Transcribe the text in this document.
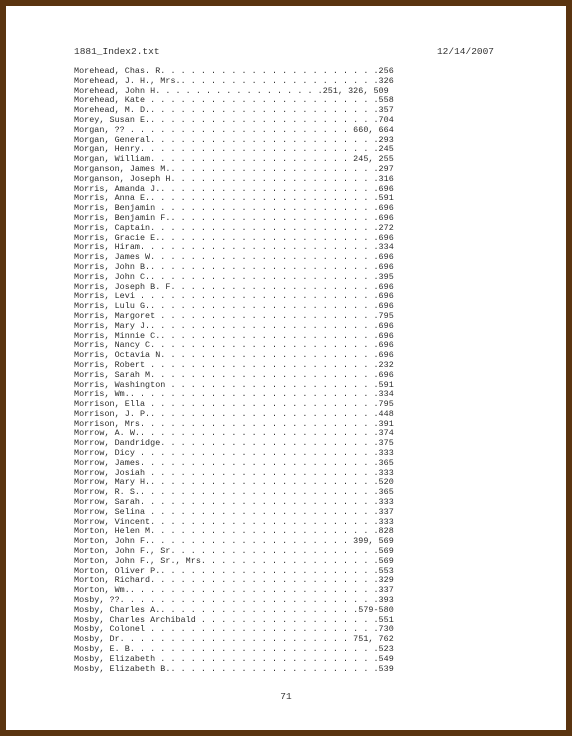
1881_Index2.txt	12/14/2007
Morehead, Chas. R. . . . . . . . . . . . . . . . . . . . . .256
Morehead, J. H., Mrs.. . . . . . . . . . . . . . . . . . . .326
Morehead, John H. . . . . . . . . . . . . . . . .251, 326, 509
Morehead, Kate . . . . . . . . . . . . . . . . . . . . . . .558
Morehead, M. D.. . . . . . . . . . . . . . . . . . . . . . .357
Morey, Susan E.. . . . . . . . . . . . . . . . . . . . . . .704
Morgan, ?? . . . . . . . . . . . . . . . . . . . . . . 660, 664
Morgan, General. . . . . . . . . . . . . . . . . . . . . . .293
Morgan, Henry. . . . . . . . . . . . . . . . . . . . . . . .245
Morgan, William. . . . . . . . . . . . . . . . . . . . 245, 255
Morganson, James M.. . . . . . . . . . . . . . . . . . . . .297
Morganson, Joseph H. . . . . . . . . . . . . . . . . . . . .316
Morris, Amanda J.. . . . . . . . . . . . . . . . . . . . . .696
Morris, Anna E.. . . . . . . . . . . . . . . . . . . . . . .591
Morris, Benjamin . . . . . . . . . . . . . . . . . . . . . .696
Morris, Benjamin F.. . . . . . . . . . . . . . . . . . . . .696
Morris, Captain. . . . . . . . . . . . . . . . . . . . . . .272
Morris, Gracie E.. . . . . . . . . . . . . . . . . . . . . .696
Morris, Hiram. . . . . . . . . . . . . . . . . . . . . . . .334
Morris, James W. . . . . . . . . . . . . . . . . . . . . . .696
Morris, John B.. . . . . . . . . . . . . . . . . . . . . . .696
Morris, John C.. . . . . . . . . . . . . . . . . . . . . . .395
Morris, Joseph B. F. . . . . . . . . . . . . . . . . . . . .696
Morris, Levi . . . . . . . . . . . . . . . . . . . . . . . .696
Morris, Lulu G.. . . . . . . . . . . . . . . . . . . . . . .696
Morris, Margoret . . . . . . . . . . . . . . . . . . . . . .795
Morris, Mary J.. . . . . . . . . . . . . . . . . . . . . . .696
Morris, Minnie C.. . . . . . . . . . . . . . . . . . . . . .696
Morris, Nancy C. . . . . . . . . . . . . . . . . . . . . . .696
Morris, Octavia N. . . . . . . . . . . . . . . . . . . . . .696
Morris, Robert . . . . . . . . . . . . . . . . . . . . . . .232
Morris, Sarah M. . . . . . . . . . . . . . . . . . . . . . .696
Morris, Washington . . . . . . . . . . . . . . . . . . . . .591
Morris, Wm.. . . . . . . . . . . . . . . . . . . . . . . . .334
Morrison, Ella . . . . . . . . . . . . . . . . . . . . . . .795
Morrison, J. P.. . . . . . . . . . . . . . . . . . . . . . .448
Morrison, Mrs. . . . . . . . . . . . . . . . . . . . . . . .391
Morrow, A. W.. . . . . . . . . . . . . . . . . . . . . . . .374
Morrow, Dandridge. . . . . . . . . . . . . . . . . . . . . .375
Morrow, Dicy . . . . . . . . . . . . . . . . . . . . . . . .333
Morrow, James. . . . . . . . . . . . . . . . . . . . . . . .365
Morrow, Josiah . . . . . . . . . . . . . . . . . . . . . . .333
Morrow, Mary H.. . . . . . . . . . . . . . . . . . . . . . .520
Morrow, R. S.. . . . . . . . . . . . . . . . . . . . . . . .365
Morrow, Sarah. . . . . . . . . . . . . . . . . . . . . . . .333
Morrow, Selina . . . . . . . . . . . . . . . . . . . . . . .337
Morrow, Vincent. . . . . . . . . . . . . . . . . . . . . . .333
Morton, Helen M. . . . . . . . . . . . . . . . . . . . . . .828
Morton, John F.. . . . . . . . . . . . . . . . . . . . 399, 569
Morton, John F., Sr. . . . . . . . . . . . . . . . . . . . .569
Morton, John F., Sr., Mrs. . . . . . . . . . . . . . . . . .569
Morton, Oliver P.. . . . . . . . . . . . . . . . . . . . . .553
Morton, Richard. . . . . . . . . . . . . . . . . . . . . . .329
Morton, Wm.. . . . . . . . . . . . . . . . . . . . . . . . .337
Mosby, ??. . . . . . . . . . . . . . . . . . . . . . . . . .393
Mosby, Charles A.. . . . . . . . . . . . . . . . . . . .579-580
Mosby, Charles Archibald . . . . . . . . . . . . . . . . . .551
Mosby, Colonel . . . . . . . . . . . . . . . . . . . . . . .730
Mosby, Dr. . . . . . . . . . . . . . . . . . . . . . . 751, 762
Mosby, E. B. . . . . . . . . . . . . . . . . . . . . . . . .523
Mosby, Elizabeth . . . . . . . . . . . . . . . . . . . . . .549
Mosby, Elizabeth B.. . . . . . . . . . . . . . . . . . . . .539
71
